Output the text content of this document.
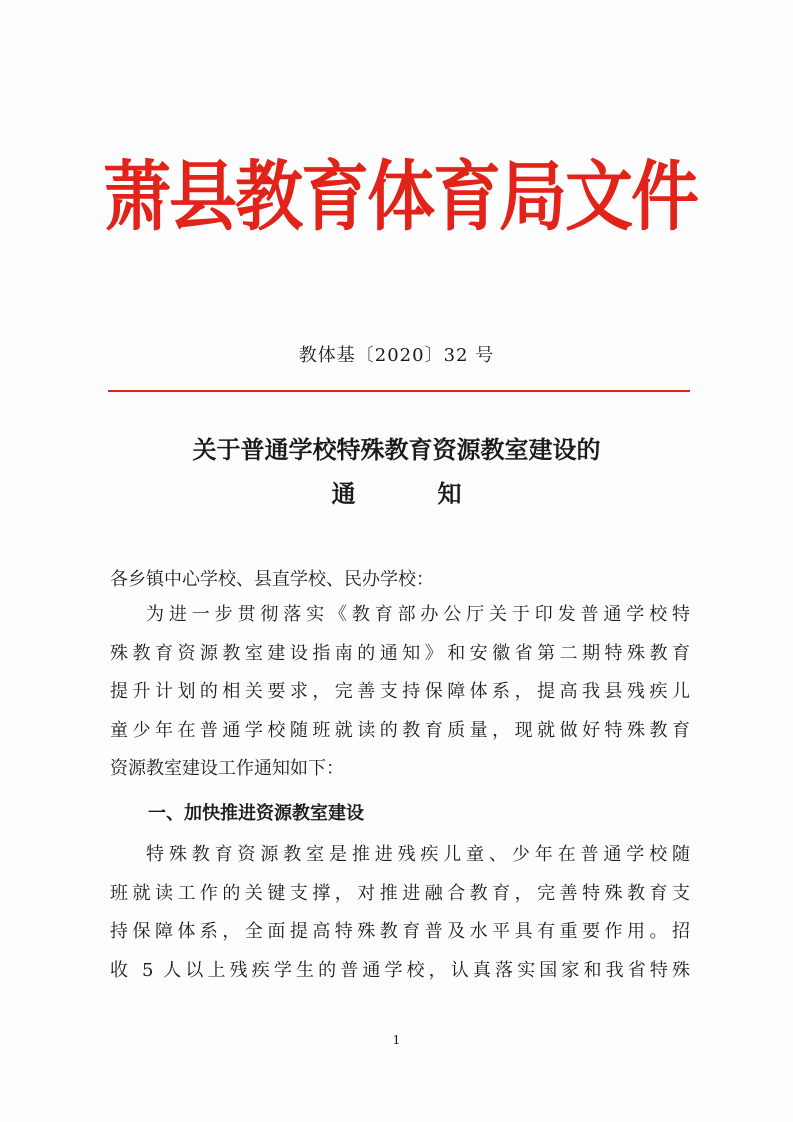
萧县教育体育局文件
教体基〔2020〕32 号
关于普通学校特殊教育资源教室建设的
通知
各乡镇中心学校、县直学校、民办学校：
为进一步贯彻落实《教育部办公厅关于印发普通学校特
殊教育资源教室建设指南的通知》和安徽省第二期特殊教育
提升计划的相关要求，完善支持保障体系，提高我县残疾儿
童少年在普通学校随班就读的教育质量，现就做好特殊教育
资源教室建设工作通知如下：
一、加快推进资源教室建设
特殊教育资源教室是推进残疾儿童、少年在普通学校随
班就读工作的关键支撑，对推进融合教育，完善特殊教育支
持保障体系，全面提高特殊教育普及水平具有重要作用。招
收 5 人以上残疾学生的普通学校，认真落实国家和我省特殊
1
